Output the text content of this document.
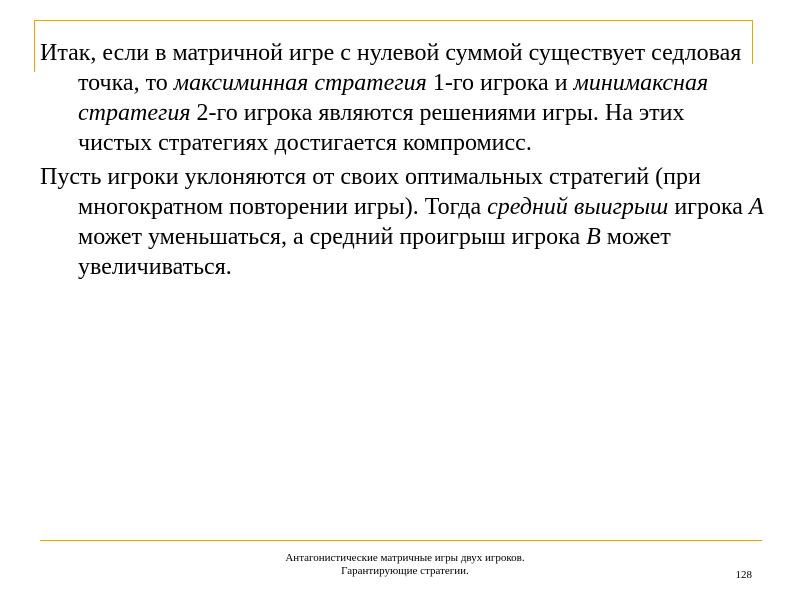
Итак, если в матричной игре с нулевой суммой существует седловая точка, то максиминная стратегия 1-го игрока и минимаксная стратегия 2-го игрока являются решениями игры. На этих чистых стратегиях достигается компромисс.

Пусть игроки уклоняются от своих оптимальных стратегий (при многократном повторении игры). Тогда средний выигрыш игрока A может уменьшаться, а средний проигрыш игрока B может увеличиваться.

Антагонистические матричные игры двух игроков. Гарантирующие стратегии.	128
